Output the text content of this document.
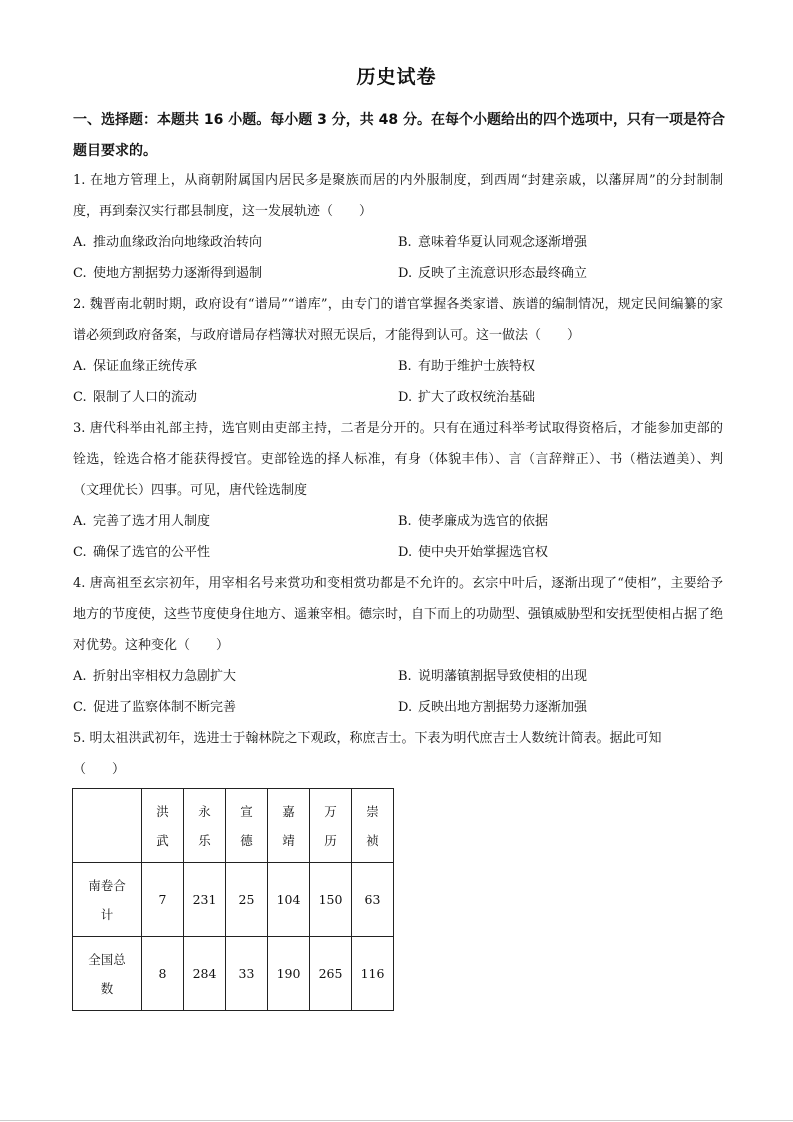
历史试卷
一、选择题：本题共 16 小题。每小题 3 分，共 48 分。在每个小题给出的四个选项中，只有一项是符合题目要求的。

1. 在地方管理上，从商朝附属国内居民多是聚族而居的内外服制度，到西周“封建亲戚，以藩屏周”的分封制制度，再到秦汉实行郡县制度，这一发展轨迹（　　）

A. 推动血缘政治向地缘政治转向	B. 意味着华夏认同观念逐渐增强
C. 使地方割据势力逐渐得到遏制	D. 反映了主流意识形态最终确立

2. 魏晋南北朝时期，政府设有“谱局”“谱库”，由专门的谱官掌握各类家谱、族谱的编制情况，规定民间编纂的家谱必须到政府备案，与政府谱局存档簿状对照无误后，才能得到认可。这一做法（　　）

A. 保证血缘正统传承	B. 有助于维护士族特权
C. 限制了人口的流动	D. 扩大了政权统治基础

3. 唐代科举由礼部主持，选官则由吏部主持，二者是分开的。只有在通过科举考试取得资格后，才能参加吏部的铨选，铨选合格才能获得授官。吏部铨选的择人标准，有身（体貌丰伟）、言（言辞辩正）、书（楷法遒美）、判（文理优长）四事。可见，唐代铨选制度

A. 完善了选才用人制度	B. 使孝廉成为选官的依据
C. 确保了选官的公平性	D. 使中央开始掌握选官权

4. 唐高祖至玄宗初年，用宰相名号来赏功和变相赏功都是不允许的。玄宗中叶后，逐渐出现了“使相”，主要给予地方的节度使，这些节度使身住地方、遥兼宰相。德宗时，自下而上的功勋型、强镇威胁型和安抚型使相占据了绝对优势。这种变化（　　）

A. 折射出宰相权力急剧扩大	B. 说明藩镇割据导致使相的出现
C. 促进了监察体制不断完善	D. 反映出地方割据势力逐渐加强

5. 明太祖洪武初年，选进士于翰林院之下观政，称庶吉士。下表为明代庶吉士人数统计简表。据此可知

（　　）
	洪武	永乐	宣德	嘉靖	万历	崇祯
南卷合计	7	231	25	104	150	63
全国总数	8	284	33	190	265	116
